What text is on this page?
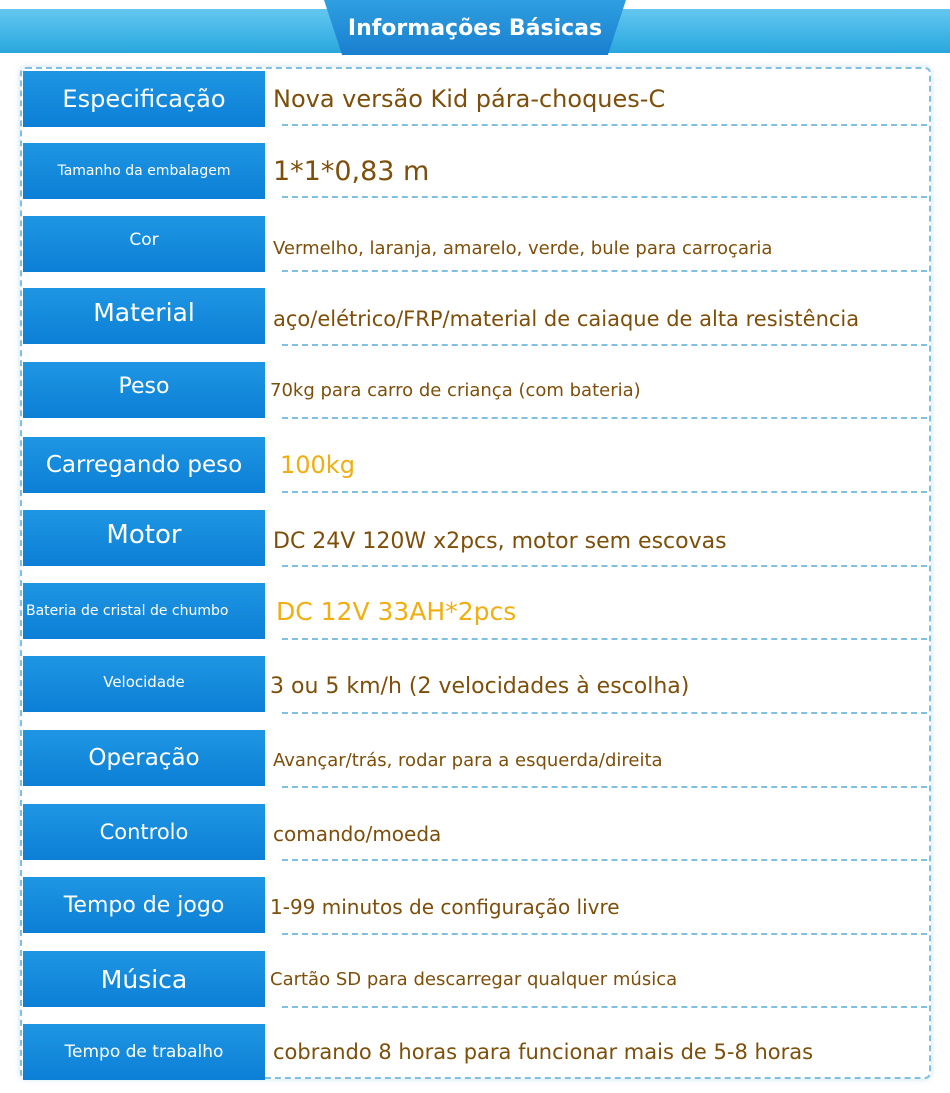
Informações Básicas
Especificação	Nova versão Kid pára-choques-C
Tamanho da embalagem	1*1*0,83 m
Cor	Vermelho, laranja, amarelo, verde, bule para carroçaria
Material	aço/elétrico/FRP/material de caiaque de alta resistência
Peso	70kg para carro de criança (com bateria)
Carregando peso	100kg
Motor	DC 24V 120W x2pcs, motor sem escovas
Bateria de cristal de chumbo	DC 12V 33AH*2pcs
Velocidade	3 ou 5 km/h (2 velocidades à escolha)
Operação	Avançar/trás, rodar para a esquerda/direita
Controlo	comando/moeda
Tempo de jogo	1-99 minutos de configuração livre
Música	Cartão SD para descarregar qualquer música
Tempo de trabalho	cobrando 8 horas para funcionar mais de 5-8 horas
